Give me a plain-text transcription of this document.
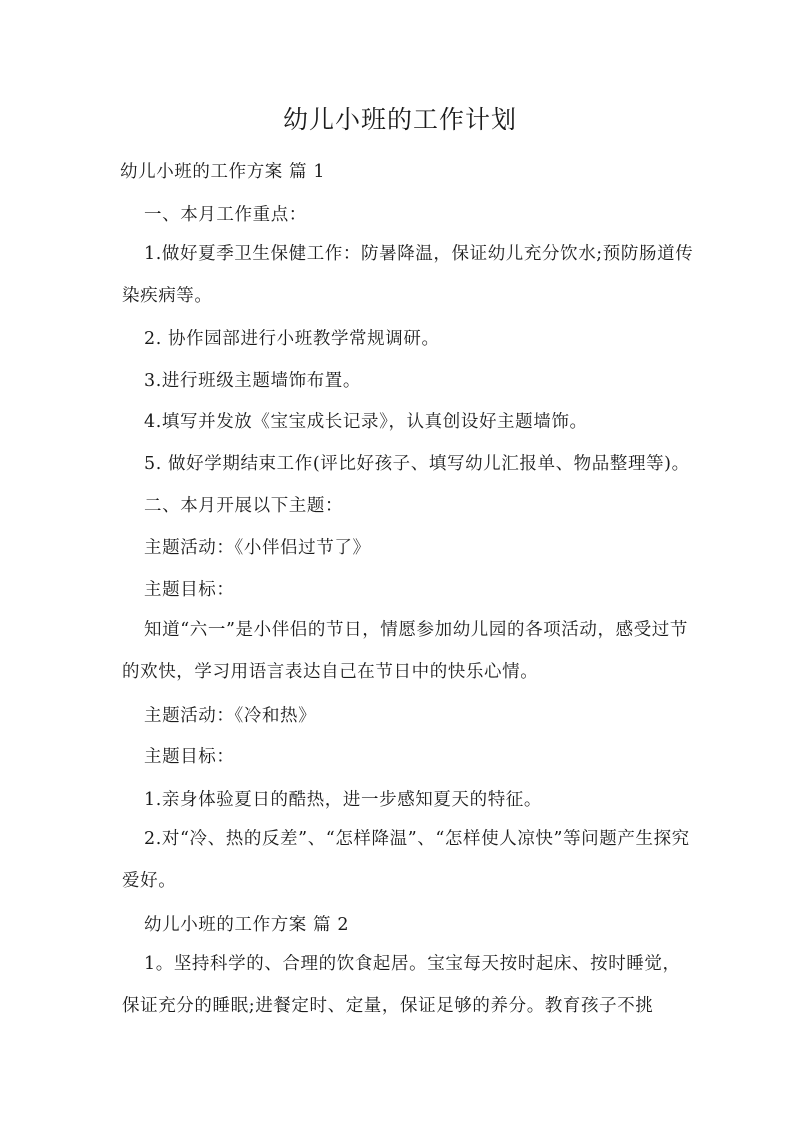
幼儿小班的工作计划

幼儿小班的工作方案 篇 1

一、本月工作重点：

1.做好夏季卫生保健工作：防暑降温，保证幼儿充分饮水;预防肠道传染疾病等。

2. 协作园部进行小班教学常规调研。

3.进行班级主题墙饰布置。

4.填写并发放《宝宝成长记录》，认真创设好主题墙饰。

5. 做好学期结束工作(评比好孩子、填写幼儿汇报单、物品整理等)。

二、本月开展以下主题：

主题活动：《小伴侣过节了》

主题目标：

知道“六一”是小伴侣的节日，情愿参加幼儿园的各项活动，感受过节的欢快，学习用语言表达自己在节日中的快乐心情。

主题活动：《冷和热》

主题目标：

1.亲身体验夏日的酷热，进一步感知夏天的特征。

2.对“冷、热的反差”、“怎样降温”、“怎样使人凉快”等问题产生探究爱好。

幼儿小班的工作方案 篇 2

1。坚持科学的、合理的饮食起居。宝宝每天按时起床、按时睡觉，保证充分的睡眠;进餐定时、定量，保证足够的养分。教育孩子不挑
